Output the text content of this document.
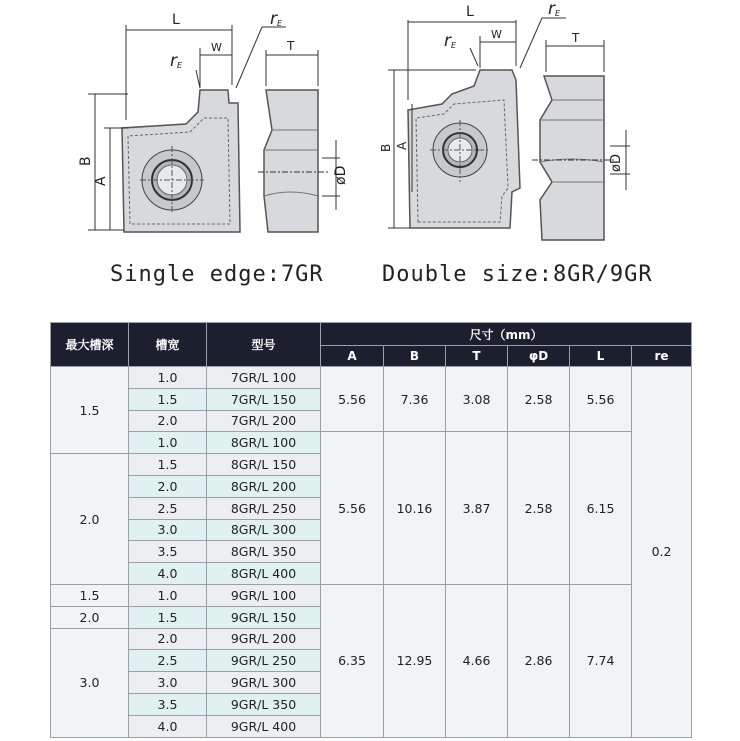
L
W	T
rE
rE
B
A	øD
L
W	T
rE
rE
B A
øD
Single edge:7GR	Double size:8GR/9GR
最大槽深	槽宽	型号	尺寸（mm）					
			A	B	T	φD	L	re
1.5	1.0	7GR/L 100	5.56	7.36	3.08	2.58	5.56	0.2
	1.5	7GR/L 150						
	2.0	7GR/L 200						
	1.0	8GR/L 100	5.56	10.16	3.87	2.58	6.15	
2.0	1.5	8GR/L 150						
	2.0	8GR/L 200						
	2.5	8GR/L 250						
	3.0	8GR/L 300						
	3.5	8GR/L 350						
	4.0	8GR/L 400						
1.5	1.0	9GR/L 100	6.35	12.95	4.66	2.86	7.74	
2.0	1.5	9GR/L 150						
3.0	2.0	9GR/L 200						
	2.5	9GR/L 250						
	3.0	9GR/L 300						
	3.5	9GR/L 350						
	4.0	9GR/L 400						
